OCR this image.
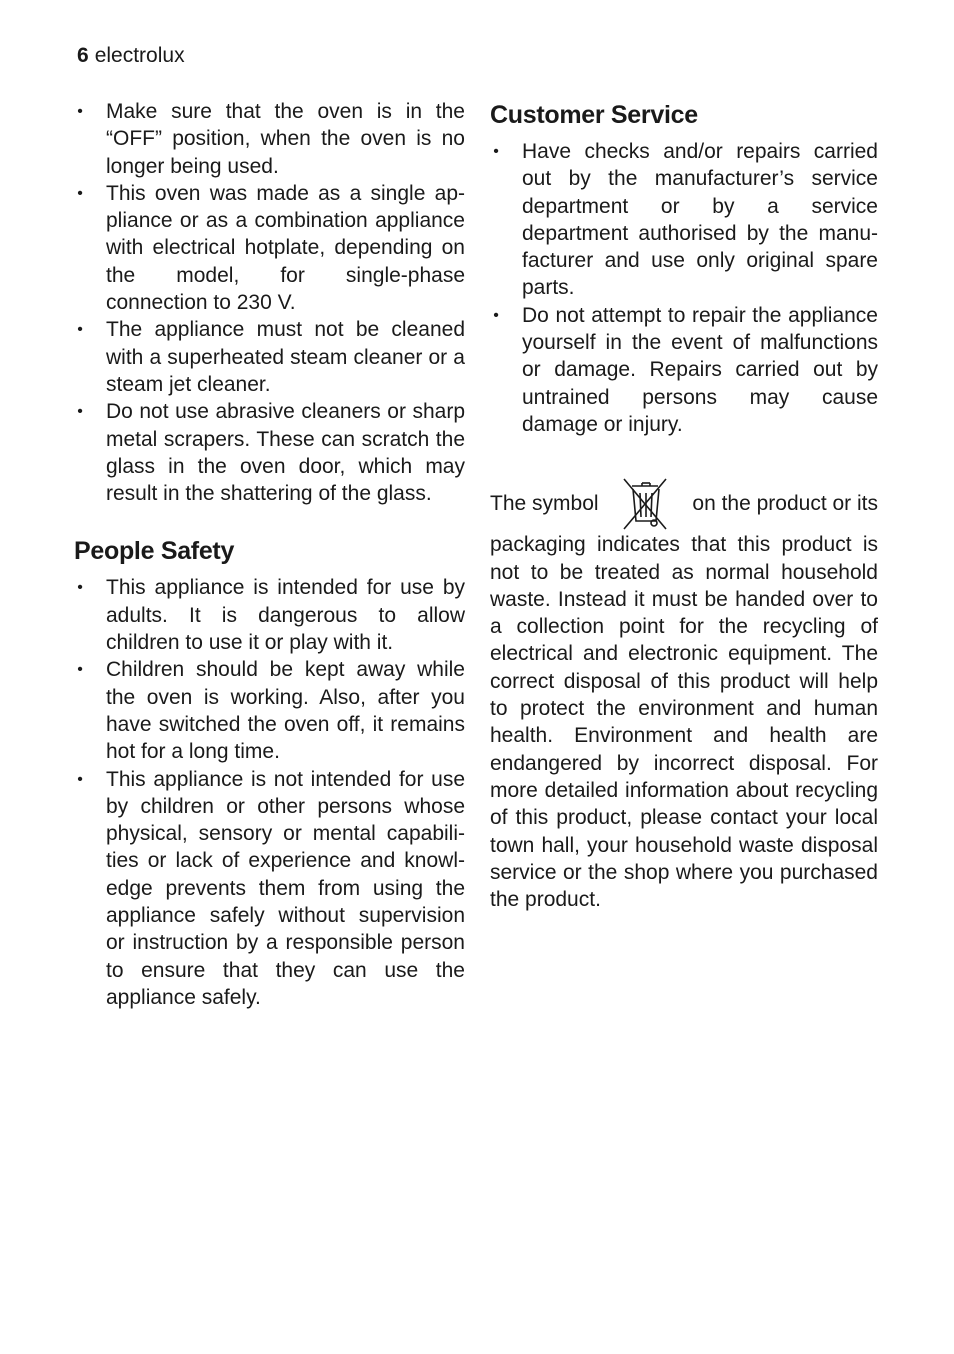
6 electrolux
• Make sure that the oven is in the “OFF” position, when the oven is no longer being used.
• This oven was made as a single appliance or as a combination appliance with electrical hotplate, depending on the model, for single-phase connection to 230 V.
• The appliance must not be cleaned with a superheated steam cleaner or a steam jet cleaner.
• Do not use abrasive cleaners or sharp metal scrapers. These can scratch the glass in the oven door, which may result in the shattering of the glass.
People Safety
• This appliance is intended for use by adults. It is dangerous to allow children to use it or play with it.
• Children should be kept away while the oven is working. Also, after you have switched the oven off, it remains hot for a long time.
• This appliance is not intended for use by children or other persons whose physical, sensory or mental capabilities or lack of experience and knowledge prevents them from using the appliance safely without supervision or instruction by a responsible person to ensure that they can use the appliance safely.
Customer Service
• Have checks and/or repairs carried out by the manufacturer’s service department or by a service department authorised by the manufacturer and use only original spare parts.
• Do not attempt to repair the appliance yourself in the event of malfunctions or damage. Repairs carried out by untrained persons may cause damage or injury.
The symbol	on the product or its

packaging indicates that this product is not to be treated as normal household waste. Instead it must be handed over to a collection point for the recycling of electrical and electronic equipment. The correct disposal of this product will help to protect the environment and human health. Environment and health are endangered by incorrect disposal. For more detailed information about recycling of this product, please contact your local town hall, your household waste disposal service or the shop where you purchased the product.
